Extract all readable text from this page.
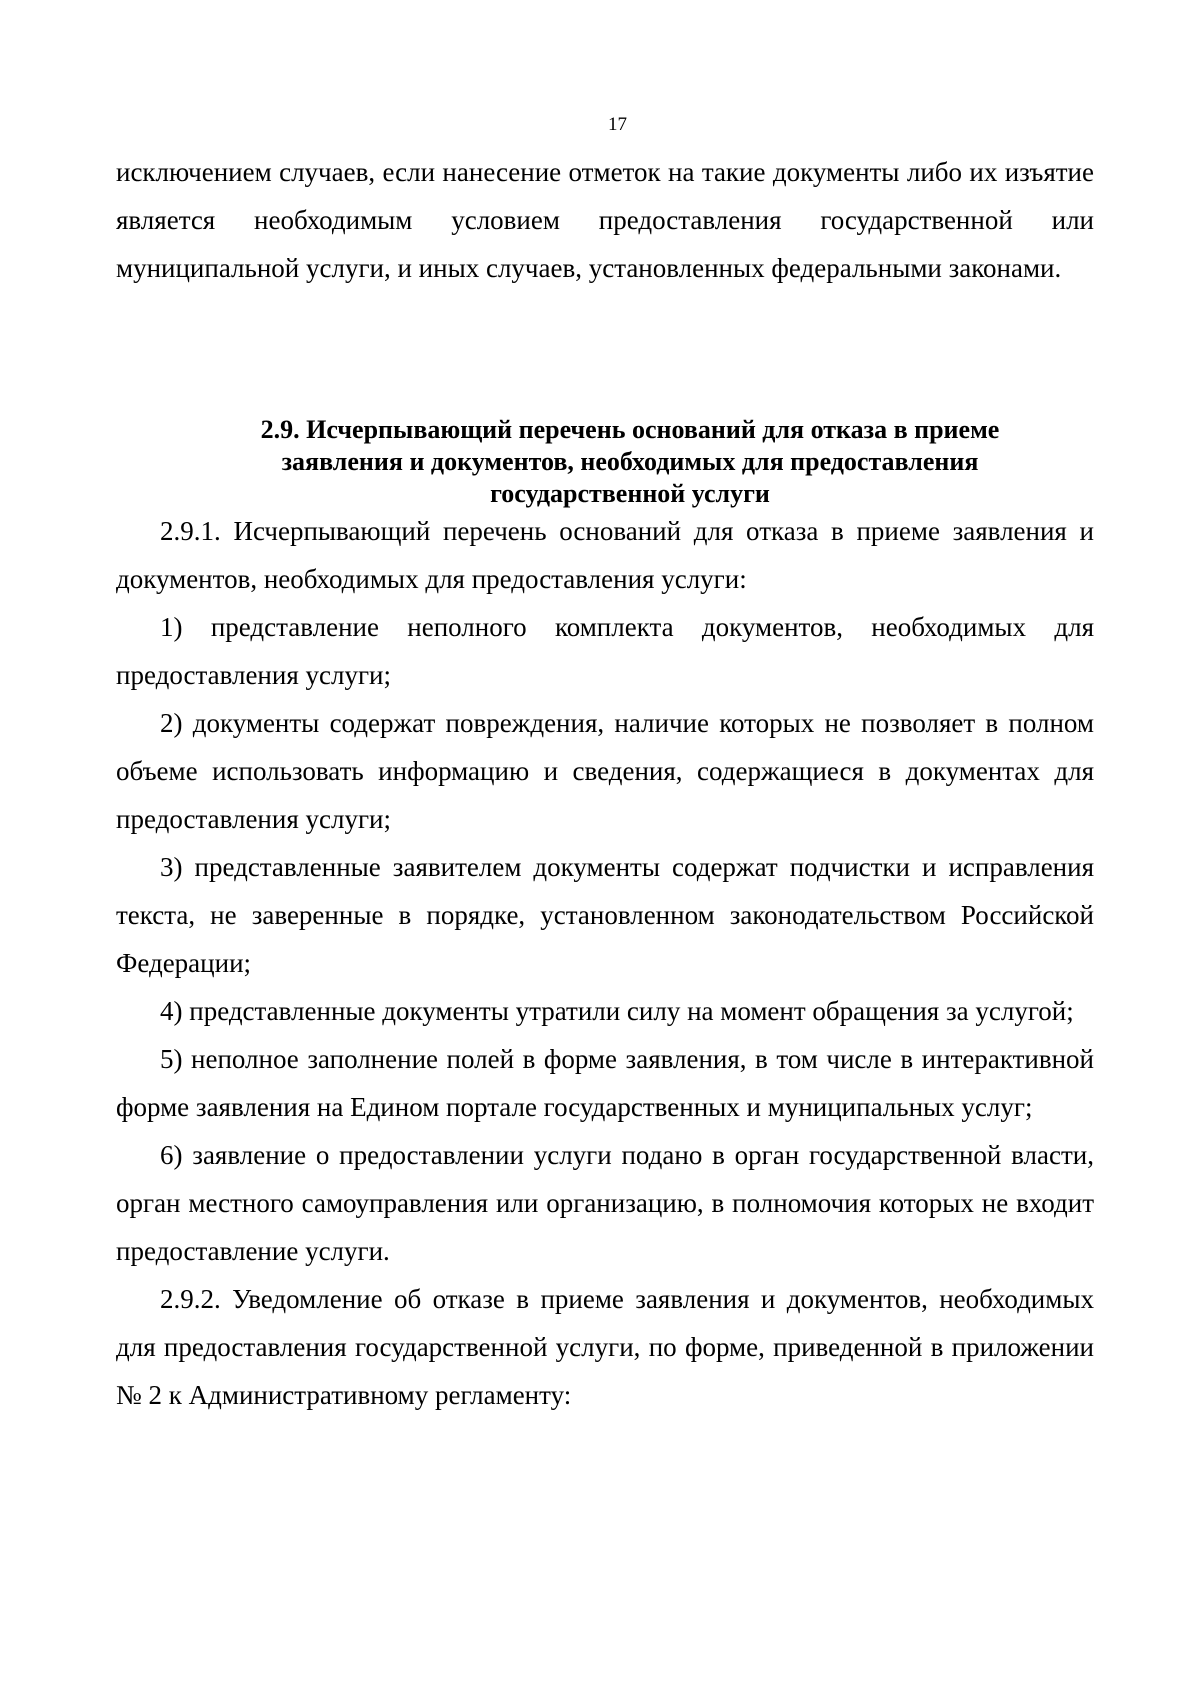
17

исключением случаев, если нанесение отметок на такие документы либо их изъятие является необходимым условием предоставления государственной или муниципальной услуги, и иных случаев, установленных федеральными законами.

2.9. Исчерпывающий перечень оснований для отказа в приеме
заявления и документов, необходимых для предоставления
государственной услуги

2.9.1. Исчерпывающий перечень оснований для отказа в приеме заявления и документов, необходимых для предоставления услуги:

1) представление неполного комплекта документов, необходимых для предоставления услуги;

2) документы содержат повреждения, наличие которых не позволяет в полном объеме использовать информацию и сведения, содержащиеся в документах для предоставления услуги;

3) представленные заявителем документы содержат подчистки и исправления текста, не заверенные в порядке, установленном законодательством Российской Федерации;

4) представленные документы утратили силу на момент обращения за услугой;

5) неполное заполнение полей в форме заявления, в том числе в интерактивной форме заявления на Едином портале государственных и муниципальных услуг;

6) заявление о предоставлении услуги подано в орган государственной власти, орган местного самоуправления или организацию, в полномочия которых не входит предоставление услуги.

2.9.2. Уведомление об отказе в приеме заявления и документов, необходимых для предоставления государственной услуги, по форме, приведенной в приложении № 2 к Административному регламенту:
